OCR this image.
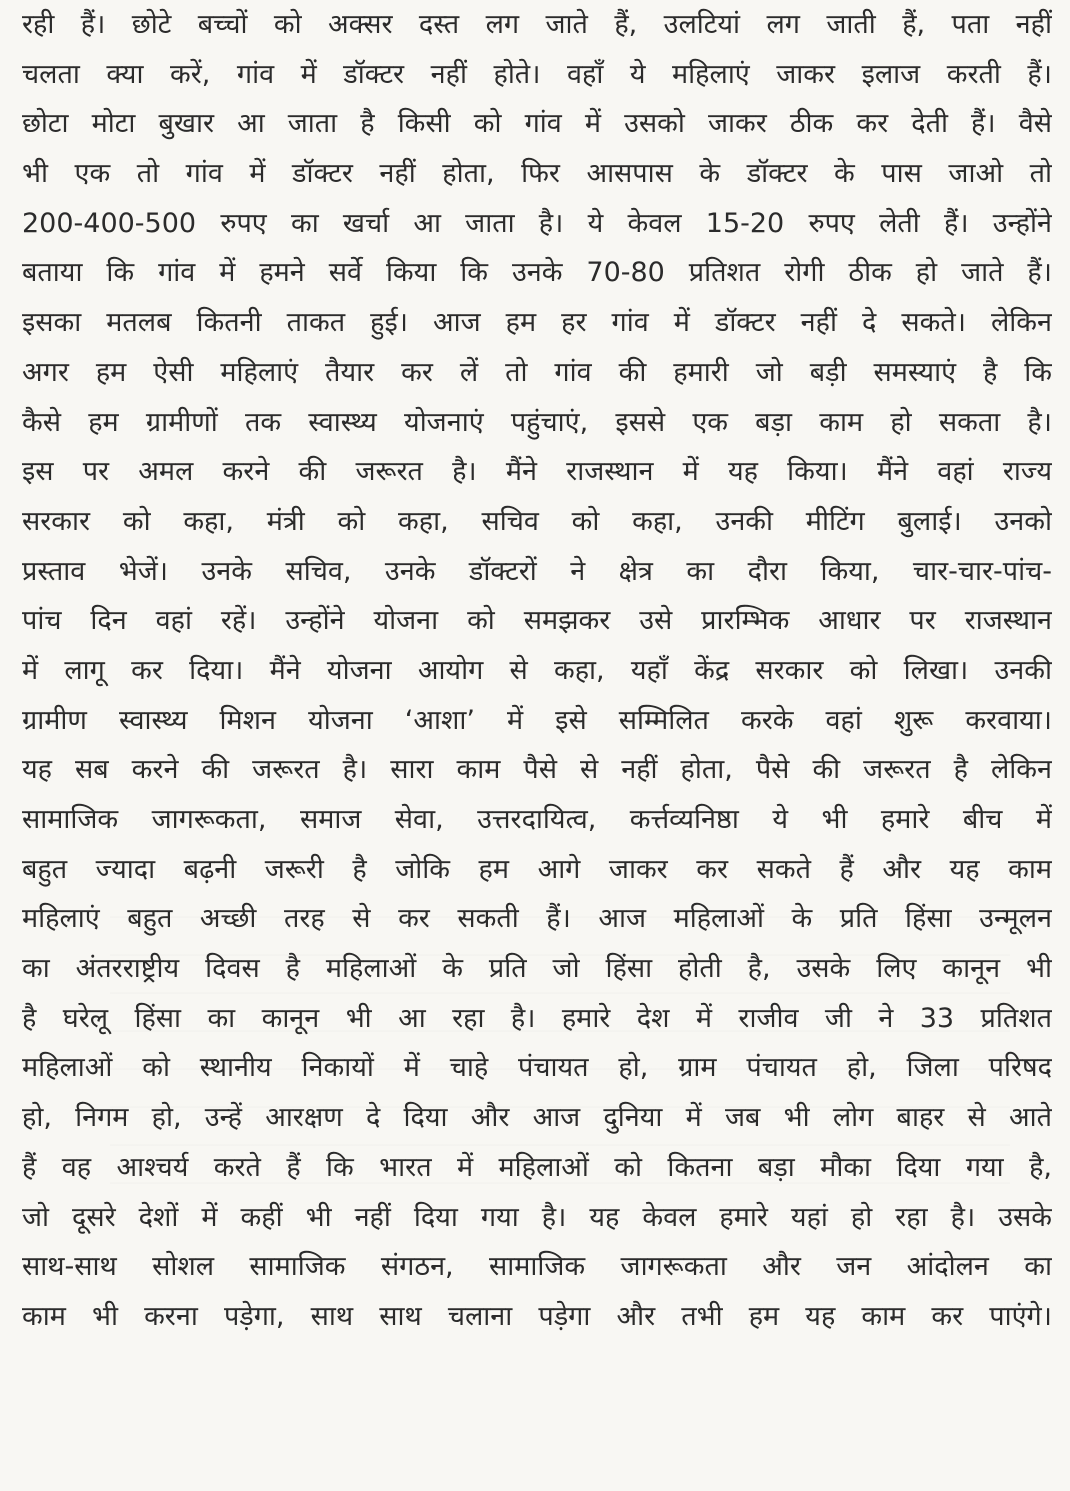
रही हैं। छोटे बच्चों को अक्सर दस्त लग जाते हैं, उलटियां लग जाती हैं, पता नहीं
चलता क्या करें, गांव में डॉक्टर नहीं होते। वहाँ ये महिलाएं जाकर इलाज करती हैं।
छोटा मोटा बुखार आ जाता है किसी को गांव में उसको जाकर ठीक कर देती हैं। वैसे
भी एक तो गांव में डॉक्टर नहीं होता, फिर आसपास के डॉक्टर के पास जाओ तो
200-400-500 रुपए का खर्चा आ जाता है। ये केवल 15-20 रुपए लेती हैं। उन्होंने
बताया कि गांव में हमने सर्वे किया कि उनके 70-80 प्रतिशत रोगी ठीक हो जाते हैं।
इसका मतलब कितनी ताकत हुई। आज हम हर गांव में डॉक्टर नहीं दे सकते। लेकिन
अगर हम ऐसी महिलाएं तैयार कर लें तो गांव की हमारी जो बड़ी समस्याएं है कि
कैसे हम ग्रामीणों तक स्वास्थ्य योजनाएं पहुंचाएं, इससे एक बड़ा काम हो सकता है।
इस पर अमल करने की जरूरत है। मैंने राजस्थान में यह किया। मैंने वहां राज्य
सरकार को कहा, मंत्री को कहा, सचिव को कहा, उनकी मीटिंग बुलाई। उनको
प्रस्ताव भेजें। उनके सचिव, उनके डॉक्टरों ने क्षेत्र का दौरा किया, चार-चार-पांच-
पांच दिन वहां रहें। उन्होंने योजना को समझकर उसे प्रारम्भिक आधार पर राजस्थान
में लागू कर दिया। मैंने योजना आयोग से कहा, यहाँ केंद्र सरकार को लिखा। उनकी
ग्रामीण स्वास्थ्य मिशन योजना ‘आशा’ में इसे सम्मिलित करके वहां शुरू करवाया।
यह सब करने की जरूरत है। सारा काम पैसे से नहीं होता, पैसे की जरूरत है लेकिन
सामाजिक जागरूकता, समाज सेवा, उत्तरदायित्व, कर्त्तव्यनिष्ठा ये भी हमारे बीच में
बहुत ज्यादा बढ़नी जरूरी है जोकि हम आगे जाकर कर सकते हैं और यह काम
महिलाएं बहुत अच्छी तरह से कर सकती हैं। आज महिलाओं के प्रति हिंसा उन्मूलन
का अंतरराष्ट्रीय दिवस है महिलाओं के प्रति जो हिंसा होती है, उसके लिए कानून भी
है घरेलू हिंसा का कानून भी आ रहा है। हमारे देश में राजीव जी ने 33 प्रतिशत
महिलाओं को स्थानीय निकायों में चाहे पंचायत हो, ग्राम पंचायत हो, जिला परिषद
हो, निगम हो, उन्हें आरक्षण दे दिया और आज दुनिया में जब भी लोग बाहर से आते
हैं वह आश्चर्य करते हैं कि भारत में महिलाओं को कितना बड़ा मौका दिया गया है,
जो दूसरे देशों में कहीं भी नहीं दिया गया है। यह केवल हमारे यहां हो रहा है। उसके
साथ-साथ सोशल सामाजिक संगठन, सामाजिक जागरूकता और जन आंदोलन का
काम भी करना पड़ेगा, साथ साथ चलाना पड़ेगा और तभी हम यह काम कर पाएंगे।
